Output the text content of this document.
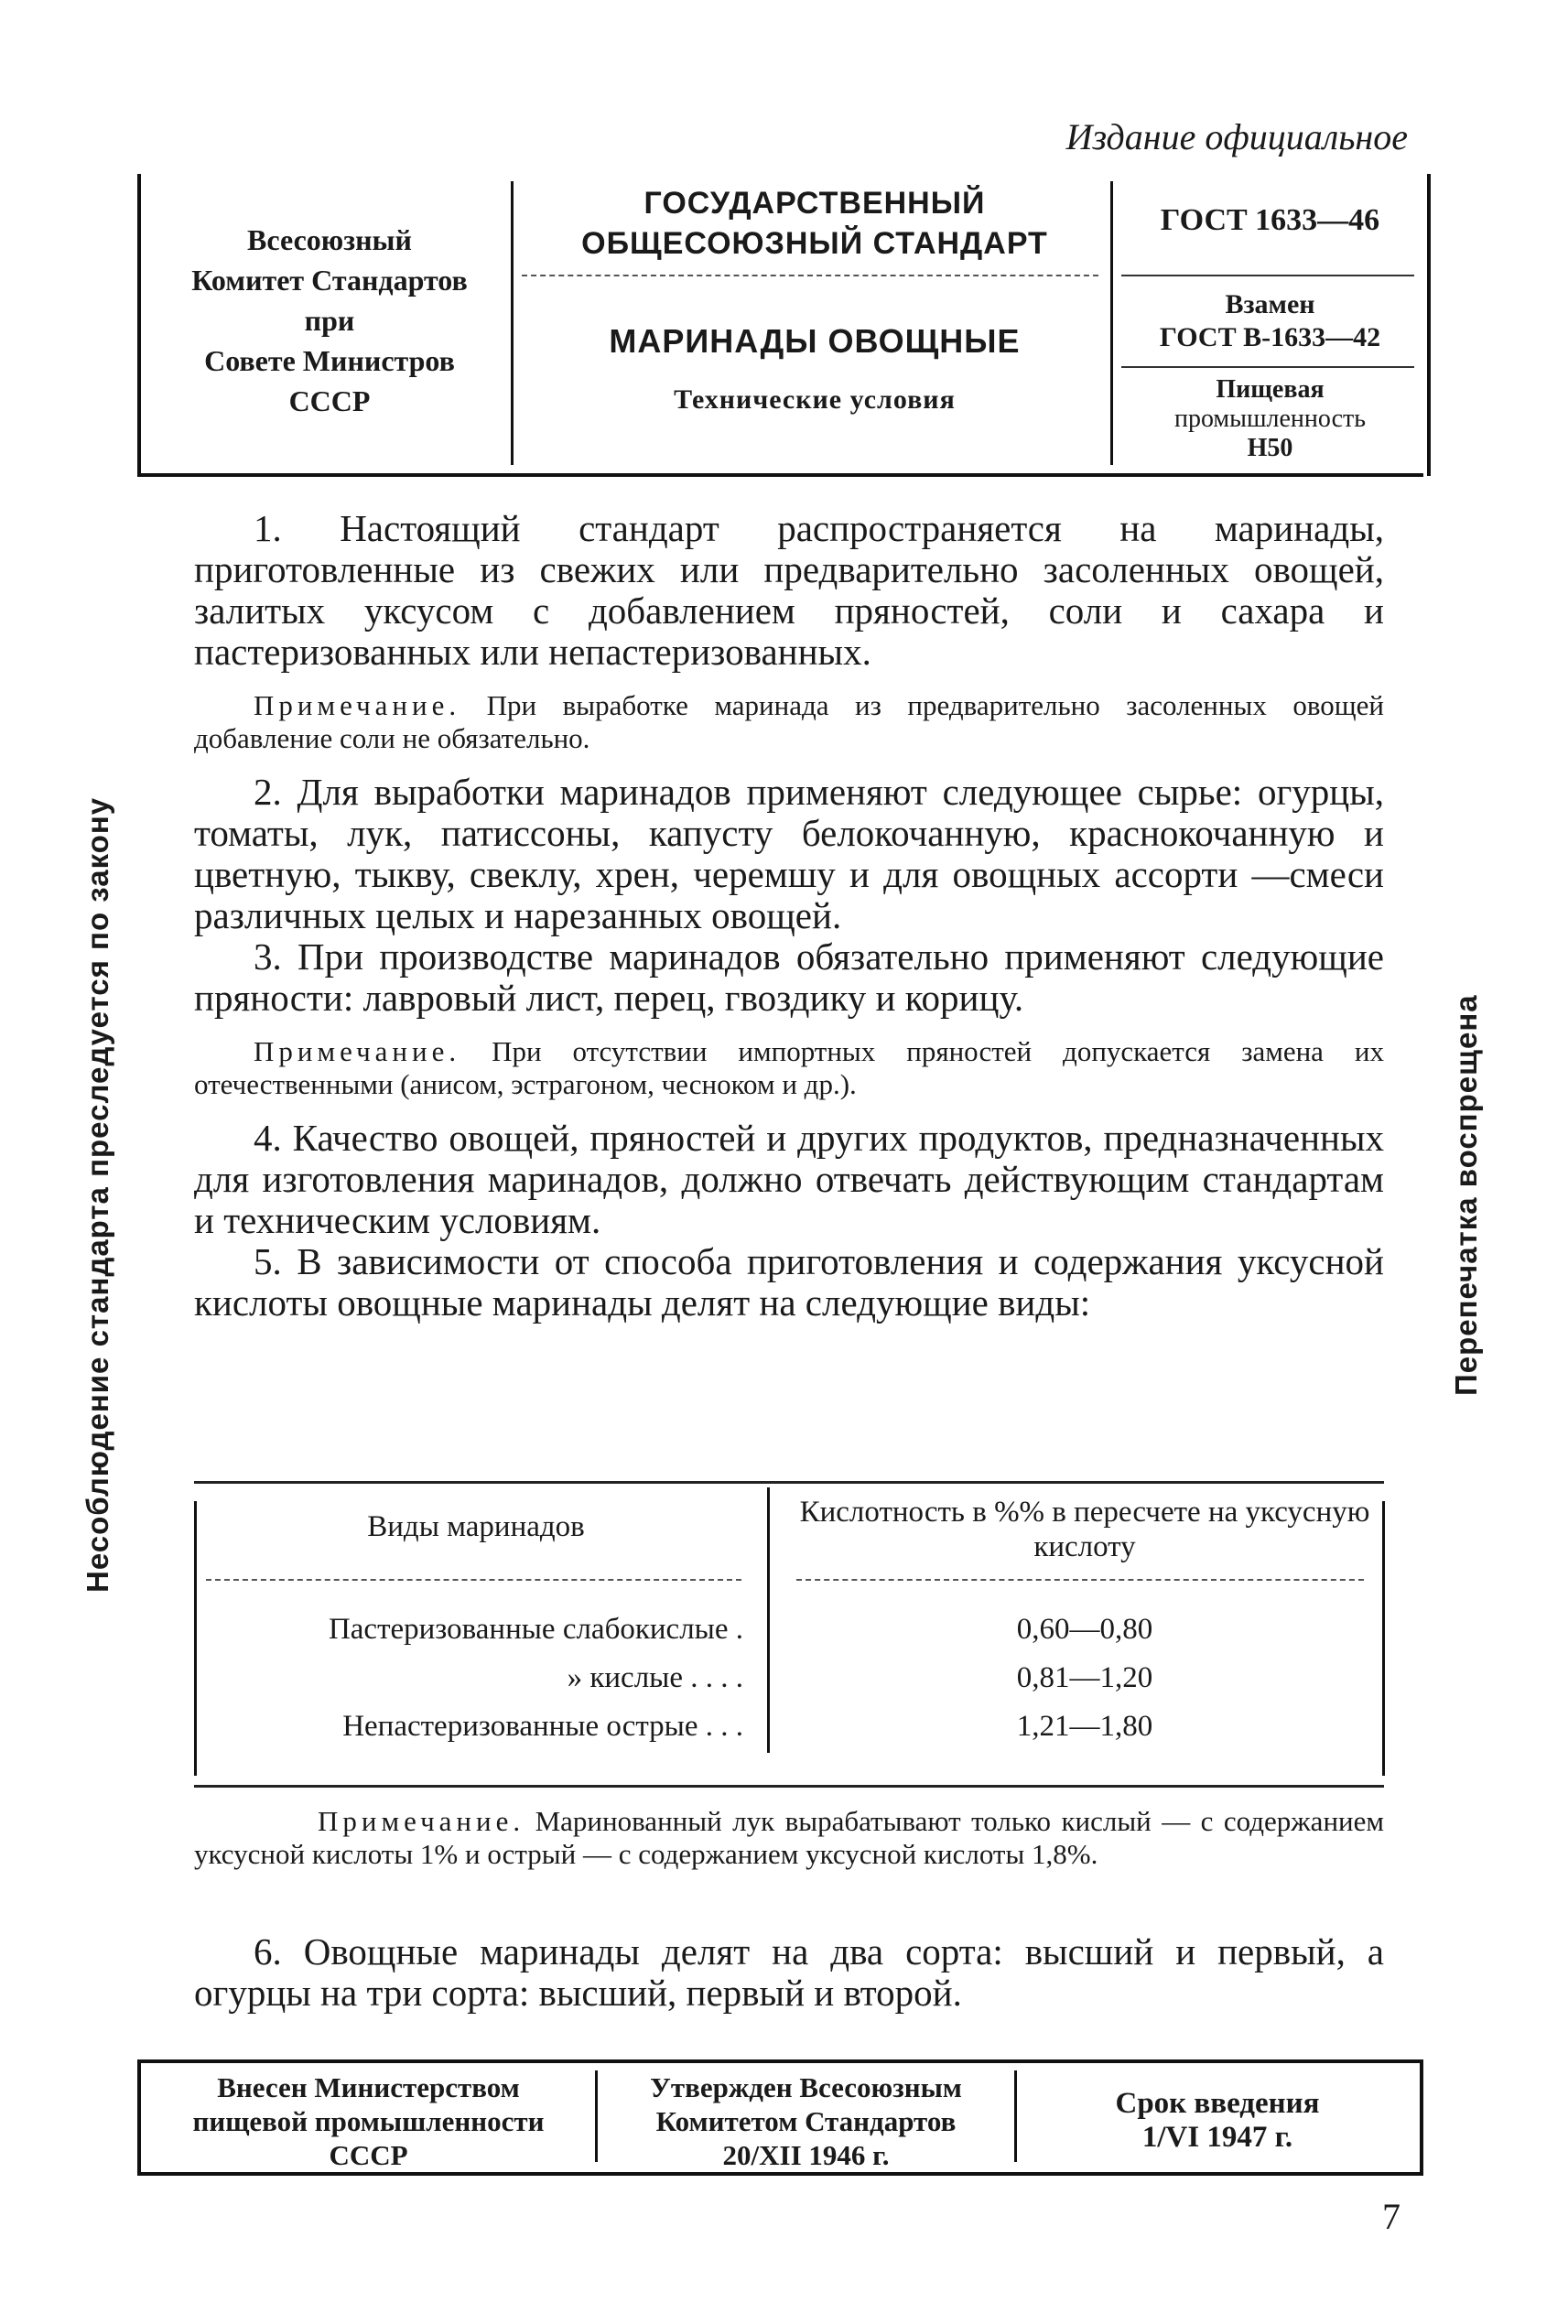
Издание официальное
Всесоюзный
Комитет Стандартов
при
Совете Министров
СССР
ГОСУДАРСТВЕННЫЙ
ОБЩЕСОЮЗНЫЙ СТАНДАРТ
МАРИНАДЫ ОВОЩНЫЕ
Технические условия
ГОСТ 1633—46
Взамен
ГОСТ В-1633—42
Пищевая
промышленность
Н50
Несоблюдение стандарта преследуется по закону	Перепечатка воспрещена

1. Настоящий стандарт распространяется на маринады, приготовленные из свежих или предварительно засоленных овощей, залитых уксусом с добавлением пряностей, соли и сахара и пастеризованных или непастеризованных.

Примечание. При выработке маринада из предварительно засоленных овощей добавление соли не обязательно.

2. Для выработки маринадов применяют следующее сырье: огурцы, томаты, лук, патиссоны, капусту белокочанную, краснокочанную и цветную, тыкву, свеклу, хрен, черемшу и для овощных ассорти —смеси различных целых и нарезанных овощей.

3. При производстве маринадов обязательно применяют следующие пряности: лавровый лист, перец, гвоздику и корицу.

Примечание. При отсутствии импортных пряностей допускается замена их отечественными (анисом, эстрагоном, чесноком и др.).

4. Качество овощей, пряностей и других продуктов, предназначенных для изготовления маринадов, должно отвечать действующим стандартам и техническим условиям.

5. В зависимости от способа приготовления и содержания уксусной кислоты овощные маринады делят на следующие виды:

Виды маринадов	Кислотность в %% в пересчете на уксусную кислоту
Пастеризованные слабокислые .	0,60—0,80
» кислые . . . .	0,81—1,20
Непастеризованные острые . . .	1,21—1,80
Примечание. Маринованный лук вырабатывают только кислый — с содержанием уксусной кислоты 1% и острый — с содержанием уксусной кислоты 1,8%.
6. Овощные маринады делят на два сорта: высший и первый, а огурцы на три сорта: высший, первый и второй.
Внесен Министерством
пищевой промышленности
СССР
Утвержден Всесоюзным
Комитетом Стандартов
20/XII 1946 г.
Срок введения
1/VI 1947 г.
7
